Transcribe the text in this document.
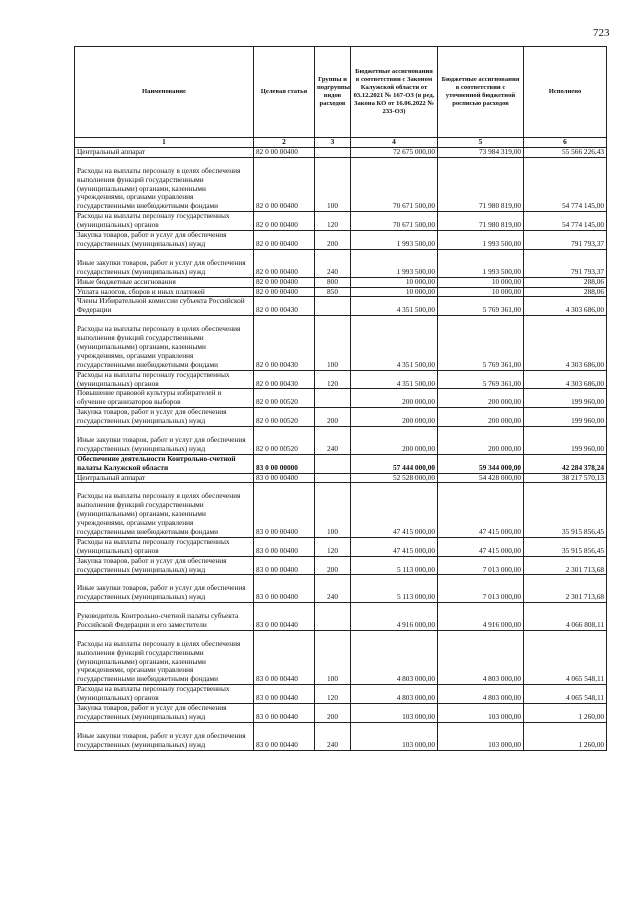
723
Наименование	Целевая статья	Группы и подгруппы видов расходов	Бюджетные ассигнования в соответствии с Законом Калужской области от 03.12.2021 № 167-ОЗ (в ред. Закона КО от 16.06.2022 № 233-ОЗ)	Бюджетные ассигнования в соответствии с уточненной бюджетной росписью расходов	Исполнено
1	2	3	4	5	6
Центральный аппарат	82 0 00 00400		72 675 000,00	73 984 319,00	55 566 226,43
Расходы на выплаты персоналу в целях обеспечения выполнения функций государственными (муниципальными) органами, казенными учреждениями, органами управления государственными внебюджетными фондами	82 0 00 00400	100	70 671 500,00	71 980 819,00	54 774 145,00
Расходы на выплаты персоналу государственных (муниципальных) органов	82 0 00 00400	120	70 671 500,00	71 980 819,00	54 774 145,00
Закупка товаров, работ и услуг для обеспечения государственных (муниципальных) нужд	82 0 00 00400	200	1 993 500,00	1 993 500,00	791 793,37
Иные закупки товаров, работ и услуг для обеспечения государственных (муниципальных) нужд	82 0 00 00400	240	1 993 500,00	1 993 500,00	791 793,37
Иные бюджетные ассигнования	82 0 00 00400	800	10 000,00	10 000,00	288,06
Уплата налогов, сборов и иных платежей	82 0 00 00400	850	10 000,00	10 000,00	288,06
Члены Избирательной комиссии субъекта Российской Федерации	82 0 00 00430		4 351 500,00	5 769 361,00	4 303 686,00
Расходы на выплаты персоналу в целях обеспечения выполнения функций государственными (муниципальными) органами, казенными учреждениями, органами управления государственными внебюджетными фондами	82 0 00 00430	100	4 351 500,00	5 769 361,00	4 303 686,00
Расходы на выплаты персоналу государственных (муниципальных) органов	82 0 00 00430	120	4 351 500,00	5 769 361,00	4 303 686,00
Повышение правовой культуры избирателей и обучение организаторов выборов	82 0 00 00520		200 000,00	200 000,00	199 960,00
Закупка товаров, работ и услуг для обеспечения государственных (муниципальных) нужд	82 0 00 00520	200	200 000,00	200 000,00	199 960,00
Иные закупки товаров, работ и услуг для обеспечения государственных (муниципальных) нужд	82 0 00 00520	240	200 000,00	200 000,00	199 960,00
Обеспечение деятельности Контрольно-счетной палаты Калужской области	83 0 00 00000		57 444 000,00	59 344 000,00	42 284 378,24
Центральный аппарат	83 0 00 00400		52 528 000,00	54 428 000,00	38 217 570,13
Расходы на выплаты персоналу в целях обеспечения выполнения функций государственными (муниципальными) органами, казенными учреждениями, органами управления государственными внебюджетными фондами	83 0 00 00400	100	47 415 000,00	47 415 000,00	35 915 856,45
Расходы на выплаты персоналу государственных (муниципальных) органов	83 0 00 00400	120	47 415 000,00	47 415 000,00	35 915 856,45
Закупка товаров, работ и услуг для обеспечения государственных (муниципальных) нужд	83 0 00 00400	200	5 113 000,00	7 013 000,00	2 301 713,68
Иные закупки товаров, работ и услуг для обеспечения государственных (муниципальных) нужд	83 0 00 00400	240	5 113 000,00	7 013 000,00	2 301 713,68
Руководитель Контрольно-счетной палаты субъекта Российской Федерации и его заместители	83 0 00 00440		4 916 000,00	4 916 000,00	4 066 808,11
Расходы на выплаты персоналу в целях обеспечения выполнения функций государственными (муниципальными) органами, казенными учреждениями, органами управления государственными внебюджетными фондами	83 0 00 00440	100	4 803 000,00	4 803 000,00	4 065 548,11
Расходы на выплаты персоналу государственных (муниципальных) органов	83 0 00 00440	120	4 803 000,00	4 803 000,00	4 065 548,11
Закупка товаров, работ и услуг для обеспечения государственных (муниципальных) нужд	83 0 00 00440	200	103 000,00	103 000,00	1 260,00
Иные закупки товаров, работ и услуг для обеспечения государственных (муниципальных) нужд	83 0 00 00440	240	103 000,00	103 000,00	1 260,00
